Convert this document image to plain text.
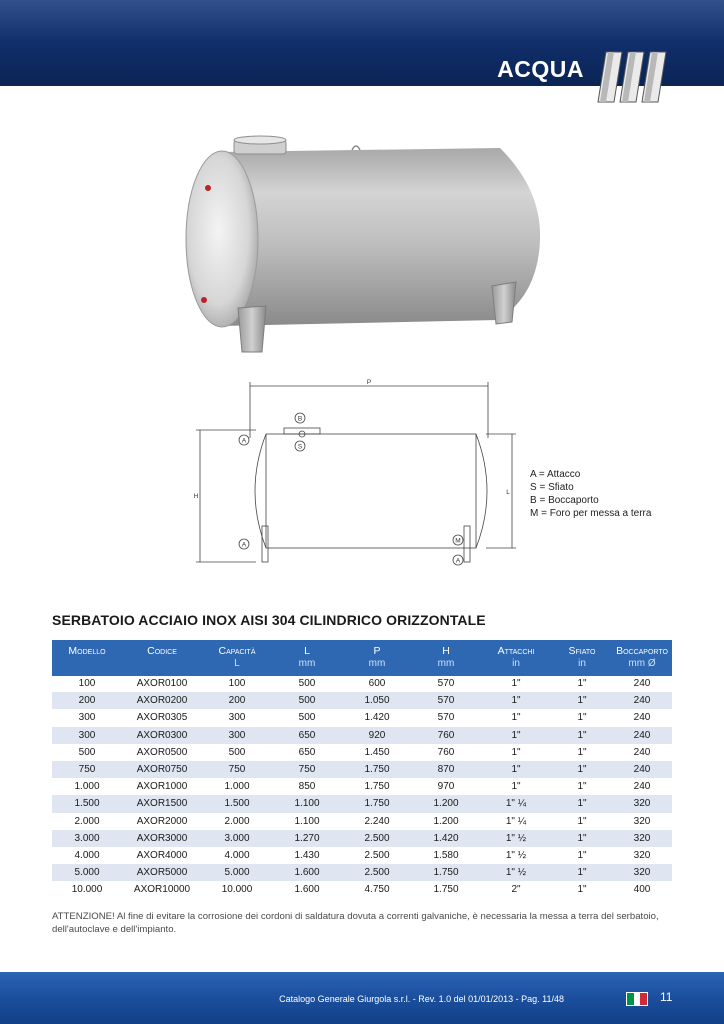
ACQUA
P
H
L
B
S
A
A
M
A
A = Attacco
S = Sfiato
B = Boccaporto
M = Foro per messa a terra
SERBATOIO ACCIAIO INOX AISI 304 CILINDRICO ORIZZONTALE
Modello	Codice	Capacità	L	P	H	Attacchi	Sfiato	Boccaporto
		L	mm	mm	mm	in	in	mm Ø
100	AXOR0100	100	500	600	570	1"	1"	240
200	AXOR0200	200	500	1.050	570	1"	1"	240
300	AXOR0305	300	500	1.420	570	1"	1"	240
300	AXOR0300	300	650	920	760	1"	1"	240
500	AXOR0500	500	650	1.450	760	1"	1"	240
750	AXOR0750	750	750	1.750	870	1"	1"	240
1.000	AXOR1000	1.000	850	1.750	970	1"	1"	240
1.500	AXOR1500	1.500	1.100	1.750	1.200	1" ¼	1"	320
2.000	AXOR2000	2.000	1.100	2.240	1.200	1" ¼	1"	320
3.000	AXOR3000	3.000	1.270	2.500	1.420	1" ½	1"	320
4.000	AXOR4000	4.000	1.430	2.500	1.580	1" ½	1"	320
5.000	AXOR5000	5.000	1.600	2.500	1.750	1" ½	1"	320
10.000	AXOR10000	10.000	1.600	4.750	1.750	2"	1"	400
ATTENZIONE! Al fine di evitare la corrosione dei cordoni di saldatura dovuta a correnti galvaniche, è necessaria la messa a terra del serbatoio, dell'autoclave e dell'impianto.
Catalogo Generale Giurgola s.r.l. - Rev. 1.0 del 01/01/2013 - Pag. 11/48	11
